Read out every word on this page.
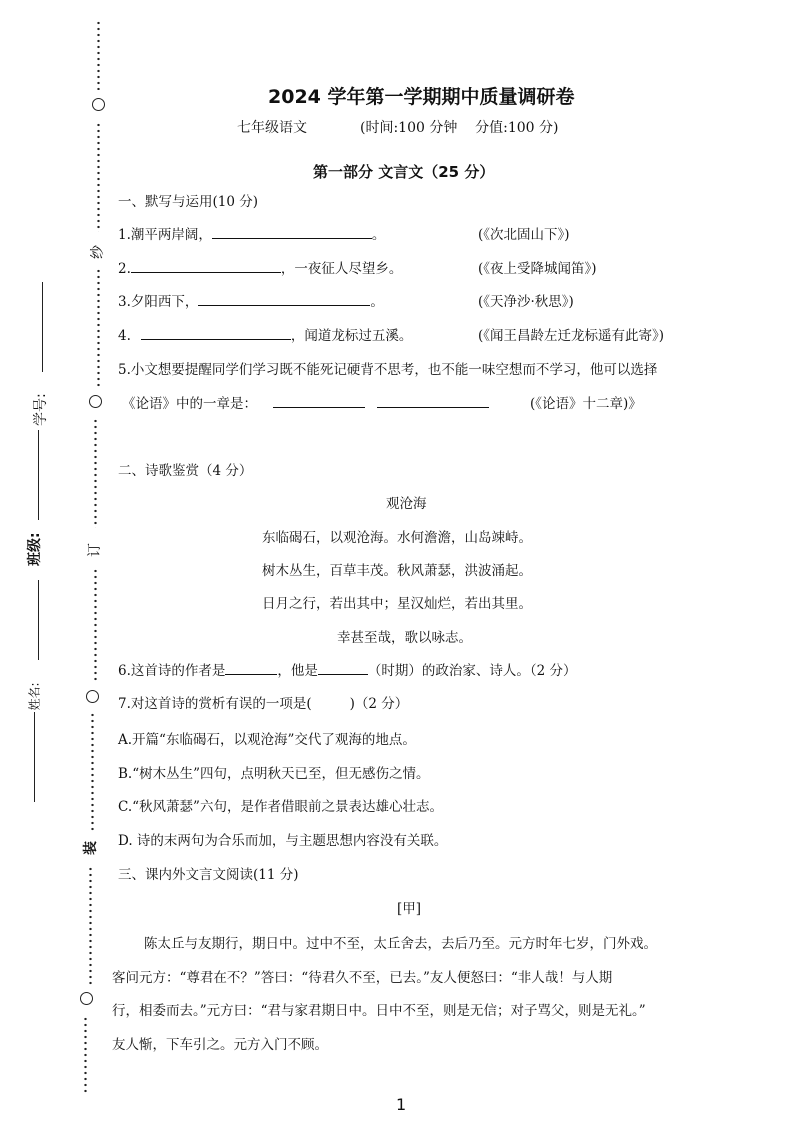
纱
订
装
学号:
班级:
姓名:
2024 学年第一学期期中质量调研卷
七年级语文	(时间:100 分钟    分值:100 分)
第一部分 文言文（25 分）
一、默写与运用(10 分)
1.潮平两岸阔，	。	(《次北固山下》)
2.	，一夜征人尽望乡。	(《夜上受降城闻笛》)
3.夕阳西下，	。	(《天净沙·秋思》)
4.	，闻道龙标过五溪。	(《闻王昌龄左迁龙标遥有此寄》)
5.小文想要提醒同学们学习既不能死记硬背不思考，也不能一味空想而不学习，他可以选择
《论语》中的一章是：	(《论语》十二章)》
二、诗歌鉴赏（4 分）
观沧海
东临碣石，以观沧海。水何澹澹，山岛竦峙。
树木丛生，百草丰茂。秋风萧瑟，洪波涌起。
日月之行，若出其中；星汉灿烂，若出其里。
幸甚至哉，歌以咏志。
6.这首诗的作者是	，他是	（时期）的政治家、诗人。（2 分）
7.对这首诗的赏析有误的一项是(	)（2 分）
A.开篇“东临碣石，以观沧海”交代了观海的地点。
B.“树木丛生”四句，点明秋天已至，但无感伤之情。
C.“秋风萧瑟”六句，是作者借眼前之景表达雄心壮志。
D. 诗的末两句为合乐而加，与主题思想内容没有关联。
三、课内外文言文阅读(11 分)
[甲]
陈太丘与友期行，期日中。过中不至，太丘舍去，去后乃至。元方时年七岁，门外戏。
客问元方：“尊君在不？”答曰：“待君久不至，已去。”友人便怒曰：“非人哉！与人期
行，相委而去。”元方曰：“君与家君期日中。日中不至，则是无信；对子骂父，则是无礼。”
友人惭，下车引之。元方入门不顾。
1
